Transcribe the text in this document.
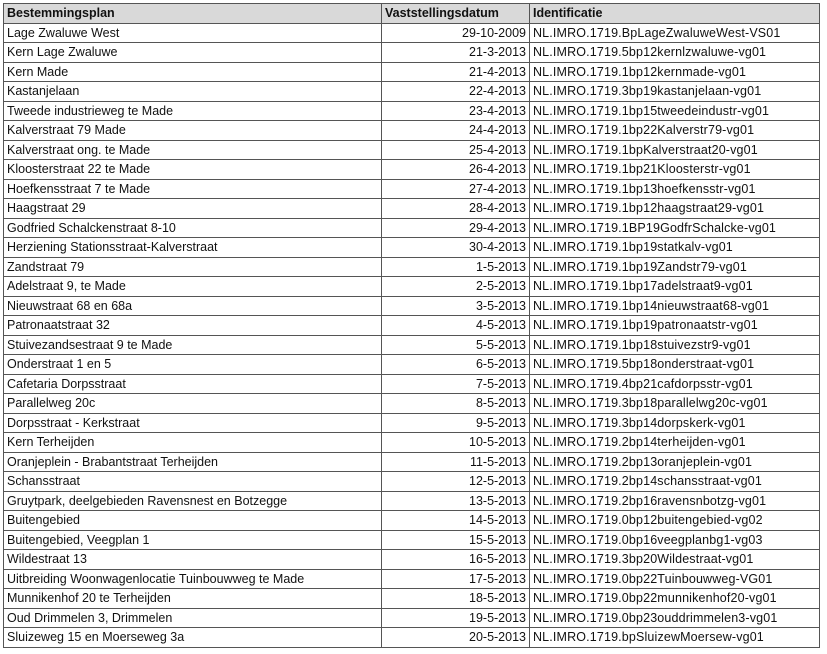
Bestemmingsplan	Vaststellingsdatum	Identificatie
Lage Zwaluwe West	29-10-2009	NL.IMRO.1719.BpLageZwaluweWest-VS01
Kern Lage Zwaluwe	21-3-2013	NL.IMRO.1719.5bp12kernlzwaluwe-vg01
Kern Made	21-4-2013	NL.IMRO.1719.1bp12kernmade-vg01
Kastanjelaan	22-4-2013	NL.IMRO.1719.3bp19kastanjelaan-vg01
Tweede industrieweg te Made	23-4-2013	NL.IMRO.1719.1bp15tweedeindustr-vg01
Kalverstraat 79 Made	24-4-2013	NL.IMRO.1719.1bp22Kalverstr79-vg01
Kalverstraat ong. te Made	25-4-2013	NL.IMRO.1719.1bpKalverstraat20-vg01
Kloosterstraat 22 te Made	26-4-2013	NL.IMRO.1719.1bp21Kloosterstr-vg01
Hoefkensstraat 7 te Made	27-4-2013	NL.IMRO.1719.1bp13hoefkensstr-vg01
Haagstraat 29	28-4-2013	NL.IMRO.1719.1bp12haagstraat29-vg01
Godfried Schalckenstraat 8-10	29-4-2013	NL.IMRO.1719.1BP19GodfrSchalcke-vg01
Herziening Stationsstraat-Kalverstraat	30-4-2013	NL.IMRO.1719.1bp19statkalv-vg01
Zandstraat 79	1-5-2013	NL.IMRO.1719.1bp19Zandstr79-vg01
Adelstraat 9, te Made	2-5-2013	NL.IMRO.1719.1bp17adelstraat9-vg01
Nieuwstraat 68 en 68a	3-5-2013	NL.IMRO.1719.1bp14nieuwstraat68-vg01
Patronaatstraat 32	4-5-2013	NL.IMRO.1719.1bp19patronaatstr-vg01
Stuivezandsestraat 9 te Made	5-5-2013	NL.IMRO.1719.1bp18stuivezstr9-vg01
Onderstraat 1 en 5	6-5-2013	NL.IMRO.1719.5bp18onderstraat-vg01
Cafetaria Dorpsstraat	7-5-2013	NL.IMRO.1719.4bp21cafdorpsstr-vg01
Parallelweg 20c	8-5-2013	NL.IMRO.1719.3bp18parallelwg20c-vg01
Dorpsstraat - Kerkstraat	9-5-2013	NL.IMRO.1719.3bp14dorpskerk-vg01
Kern Terheijden	10-5-2013	NL.IMRO.1719.2bp14terheijden-vg01
Oranjeplein - Brabantstraat Terheijden	11-5-2013	NL.IMRO.1719.2bp13oranjeplein-vg01
Schansstraat	12-5-2013	NL.IMRO.1719.2bp14schansstraat-vg01
Gruytpark, deelgebieden Ravensnest en Botzegge	13-5-2013	NL.IMRO.1719.2bp16ravensnbotzg-vg01
Buitengebied	14-5-2013	NL.IMRO.1719.0bp12buitengebied-vg02
Buitengebied, Veegplan 1	15-5-2013	NL.IMRO.1719.0bp16veegplanbg1-vg03
Wildestraat 13	16-5-2013	NL.IMRO.1719.3bp20Wildestraat-vg01
Uitbreiding Woonwagenlocatie Tuinbouwweg te Made	17-5-2013	NL.IMRO.1719.0bp22Tuinbouwweg-VG01
Munnikenhof 20 te Terheijden	18-5-2013	NL.IMRO.1719.0bp22munnikenhof20-vg01
Oud Drimmelen 3, Drimmelen	19-5-2013	NL.IMRO.1719.0bp23ouddrimmelen3-vg01
Sluizeweg 15 en Moerseweg 3a	20-5-2013	NL.IMRO.1719.bpSluizewMoersew-vg01
